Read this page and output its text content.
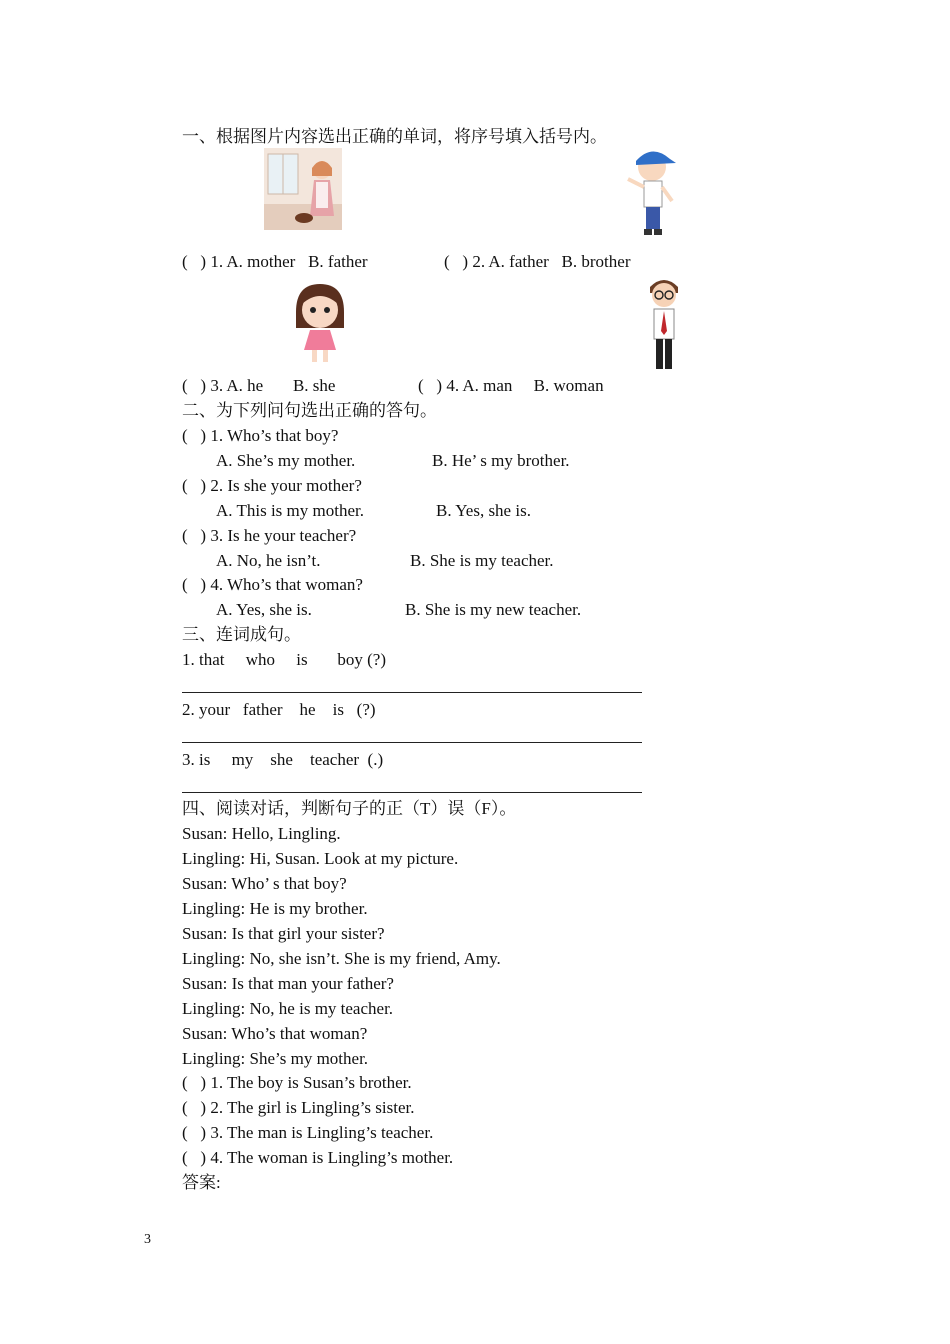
一、根据图片内容选出正确的单词，将序号填入括号内。
(   ) 1. A. mother   B. father	(   ) 2. A. father   B. brother
(   ) 3. A. he       B. she	(   ) 4. A. man     B. woman
二、为下列问句选出正确的答句。
(   ) 1. Who’s that boy?
A. She’s my mother.	B. He’ s my brother.
(   ) 2. Is she your mother?
A. This is my mother.	B. Yes, she is.
(   ) 3. Is he your teacher?
A. No, he isn’t.	B. She is my teacher.
(   ) 4. Who’s that woman?
A. Yes, she is.	B. She is my new teacher.
三、连词成句。
1. that     who     is       boy (?)
2. your   father    he    is   (?)
3. is     my    she    teacher  (.)
四、阅读对话，判断句子的正（T）误（F）。
Susan: Hello, Lingling.
Lingling: Hi, Susan. Look at my picture.
Susan: Who’ s that boy?
Lingling: He is my brother.
Susan: Is that girl your sister?
Lingling: No, she isn’t. She is my friend, Amy.
Susan: Is that man your father?
Lingling: No, he is my teacher.
Susan: Who’s that woman?
Lingling: She’s my mother.
(   ) 1. The boy is Susan’s brother.
(   ) 2. The girl is Lingling’s sister.
(   ) 3. The man is Lingling’s teacher.
(   ) 4. The woman is Lingling’s mother.
答案:
3
